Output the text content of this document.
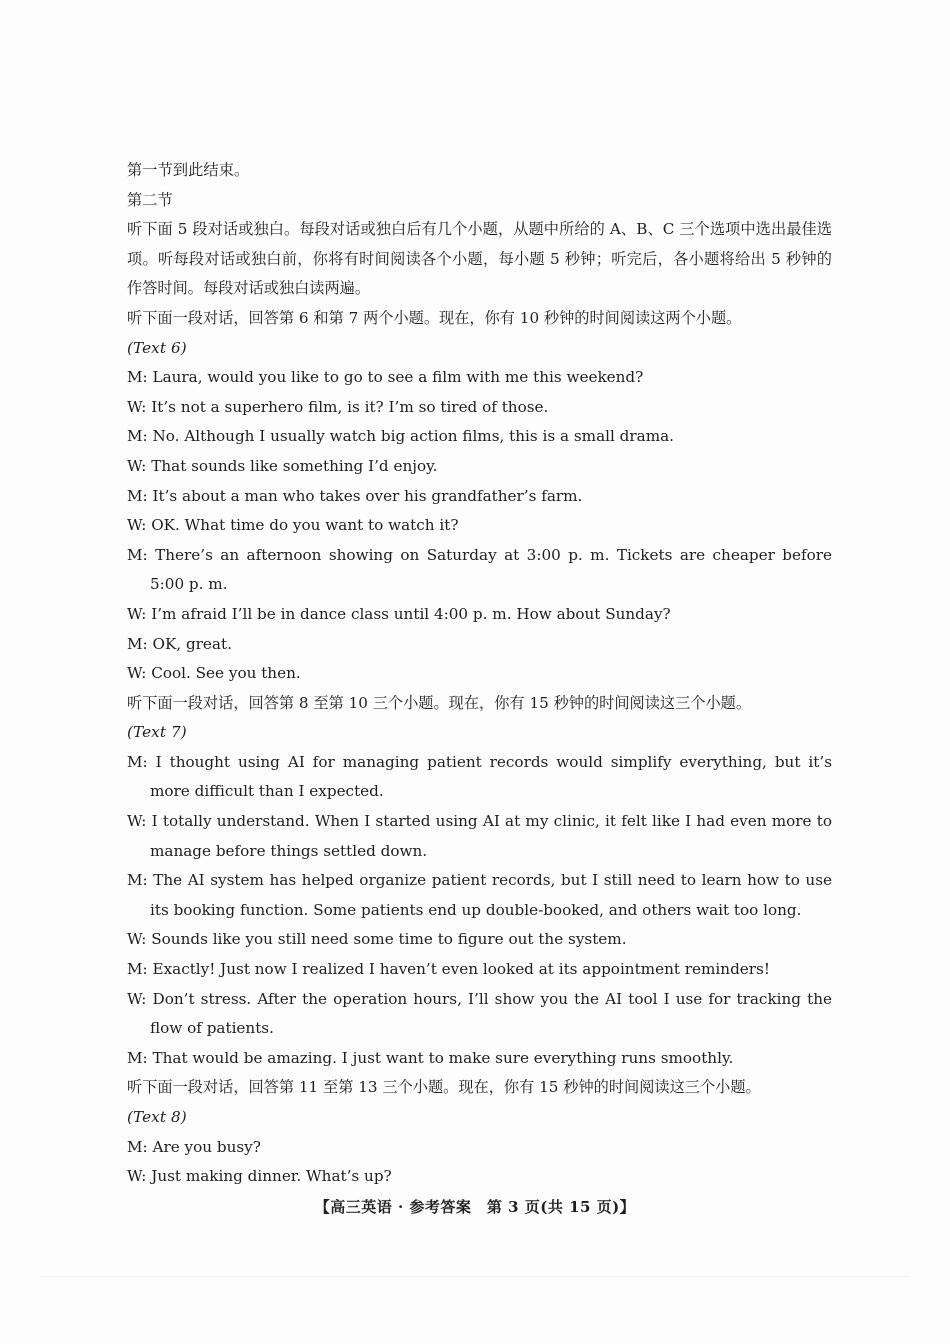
第一节到此结束。
第二节
听下面 5 段对话或独白。每段对话或独白后有几个小题，从题中所给的 A、B、C 三个选项中选出最佳选项。听每段对话或独白前，你将有时间阅读各个小题，每小题 5 秒钟；听完后，各小题将给出 5 秒钟的作答时间。每段对话或独白读两遍。
听下面一段对话，回答第 6 和第 7 两个小题。现在，你有 10 秒钟的时间阅读这两个小题。
(Text 6)
M: Laura, would you like to go to see a film with me this weekend?
W: It’s not a superhero film, is it? I’m so tired of those.
M: No. Although I usually watch big action films, this is a small drama.
W: That sounds like something I’d enjoy.
M: It’s about a man who takes over his grandfather’s farm.
W: OK. What time do you want to watch it?
M: There’s an afternoon showing on Saturday at 3:00 p. m. Tickets are cheaper before 5:00 p. m.
W: I’m afraid I’ll be in dance class until 4:00 p. m. How about Sunday?
M: OK, great.
W: Cool. See you then.
听下面一段对话，回答第 8 至第 10 三个小题。现在，你有 15 秒钟的时间阅读这三个小题。
(Text 7)
M: I thought using AI for managing patient records would simplify everything, but it’s more difficult than I expected.
W: I totally understand. When I started using AI at my clinic, it felt like I had even more to manage before things settled down.
M: The AI system has helped organize patient records, but I still need to learn how to use its booking function. Some patients end up double-booked, and others wait too long.
W: Sounds like you still need some time to figure out the system.
M: Exactly! Just now I realized I haven’t even looked at its appointment reminders!
W: Don’t stress. After the operation hours, I’ll show you the AI tool I use for tracking the flow of patients.
M: That would be amazing. I just want to make sure everything runs smoothly.
听下面一段对话，回答第 11 至第 13 三个小题。现在，你有 15 秒钟的时间阅读这三个小题。
(Text 8)
M: Are you busy?
W: Just making dinner. What’s up?
【高三英语 · 参考答案　第 3 页(共 15 页)】
